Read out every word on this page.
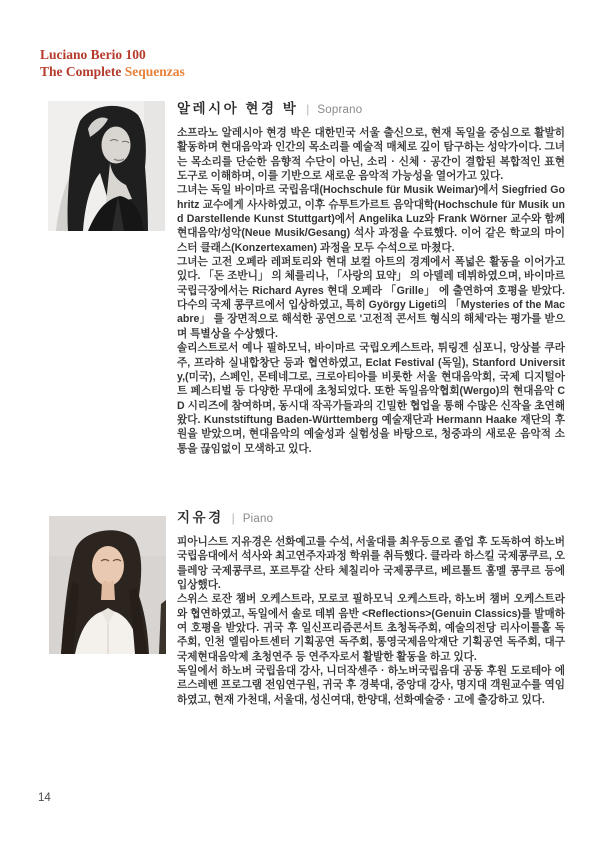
Luciano Berio 100
The Complete Sequenzas
알레시아 현경 박 | Soprano

소프라노 알레시아 현경 박은 대한민국 서울 출신으로, 현재 독일을 중심으로 활발히 활동하며 현대음악과 인간의 목소리를 예술적 매체로 깊이 탐구하는 성악가이다. 그녀는 목소리를 단순한 음향적 수단이 아닌, 소리 · 신체 · 공간이 결합된 복합적인 표현 도구로 이해하며, 이를 기반으로 새로운 음악적 가능성을 열어가고 있다.

그녀는 독일 바이마르 국립음대(Hochschule für Musik Weimar)에서 Siegfried Gohritz 교수에게 사사하였고, 이후 슈투트가르트 음악대학(Hochschule für Musik und Darstellende Kunst Stuttgart)에서 Angelika Luz와 Frank Wörner 교수와 함께 현대음악/성악(Neue Musik/Gesang) 석사 과정을 수료했다. 이어 같은 학교의 마이스터 클래스(Konzertexamen) 과정을 모두 수석으로 마쳤다.

그녀는 고전 오페라 레퍼토리와 현대 보컬 아트의 경계에서 폭넓은 활동을 이어가고 있다. 「돈 조반니」 의 체를리나, 「사랑의 묘약」 의 아델레 데뷔하였으며, 바이마르 국립극장에서는 Richard Ayres 현대 오페라 「Grille」 에 출연하여 호평을 받았다. 다수의 국제 콩쿠르에서 입상하였고, 특히 György Ligeti의 「Mysteries of the Macabre」 를 장면적으로 해석한 공연으로 '고전적 콘서트 형식의 해체'라는 평가를 받으며 특별상을 수상했다.

솔리스트로서 예나 필하모닉, 바이마르 국립오케스트라, 튀링겐 심포니, 앙상블 쿠라주, 프라하 실내합창단 등과 협연하였고, Eclat Festival (독일), Stanford University,(미국), 스페인, 몬테네그로, 크로아티아를 비롯한 서울 현대음악회, 국제 디지털아트 페스티벌 등 다양한 무대에 초청되었다. 또한 독일음악협회(Wergo)의 현대음악 CD 시리즈에 참여하며, 동시대 작곡가들과의 긴밀한 협업을 통해 수많은 신작을 초연해왔다. Kunststiftung Baden-Württemberg 예술재단과 Hermann Haake 재단의 후원을 받았으며, 현대음악의 예술성과 실험성을 바탕으로, 청중과의 새로운 음악적 소통을 끊임없이 모색하고 있다.

지유경 | Piano

피아니스트 지유경은 선화예고를 수석, 서울대를 최우등으로 졸업 후 도독하여 하노버 국립음대에서 석사와 최고연주자과정 학위를 취득했다. 클라라 하스킬 국제콩쿠르, 오를레앙 국제콩쿠르, 포르투갈 산타 체칠리아 국제콩쿠르, 베르톨트 훔멜 콩쿠르 등에 입상했다.

스위스 로잔 챔버 오케스트라, 모로코 필하모닉 오케스트라, 하노버 챔버 오케스트라와 협연하였고, 독일에서 솔로 데뷔 음반 <Reflections>(Genuin Classics)를 발매하여 호평을 받았다. 귀국 후 일신프리즘콘서트 초청독주회, 예술의전당 리사이틀홀 독주회, 인천 엘림아트센터 기획공연 독주회, 통영국제음악재단 기획공연 독주회, 대구국제현대음악제 초청연주 등 연주자로서 활발한 활동을 하고 있다.

독일에서 하노버 국립음대 강사, 니더작센주 · 하노버국립음대 공동 후원 도로테아 에르스레벤 프로그램 전임연구원, 귀국 후 경북대, 중앙대 강사, 명지대 객원교수를 역임하였고, 현재 가천대, 서울대, 성신여대, 한양대, 선화예술중 · 고에 출강하고 있다.

14
